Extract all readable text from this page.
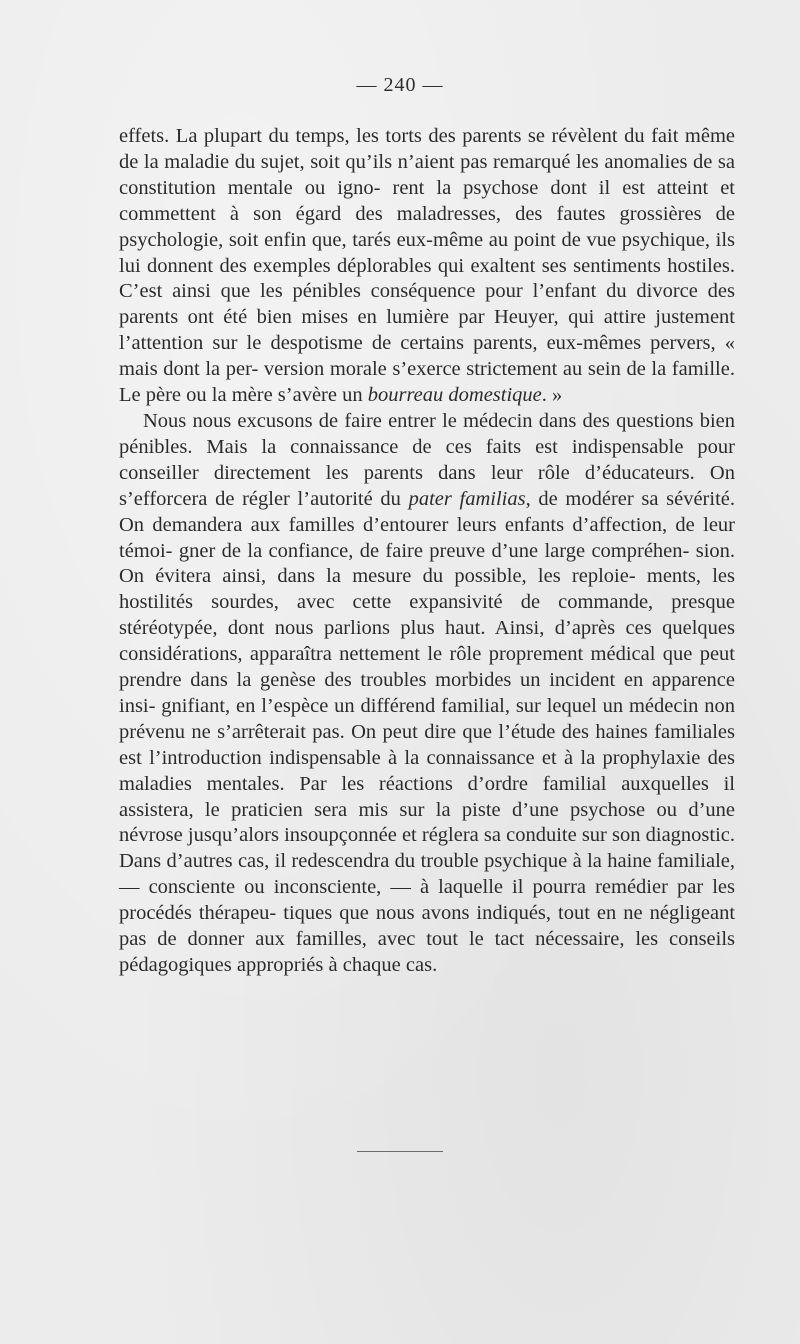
— 240 —

effets. La plupart du temps, les torts des parents se révèlent du fait même de la maladie du sujet, soit qu’ils n’aient pas remarqué les anomalies de sa constitution mentale ou igno- rent la psychose dont il est atteint et commettent à son égard des maladresses, des fautes grossières de psychologie, soit enfin que, tarés eux-même au point de vue psychique, ils lui donnent des exemples déplorables qui exaltent ses sentiments hostiles. C’est ainsi que les pénibles conséquence pour l’enfant du divorce des parents ont été bien mises en lumière par Heuyer, qui attire justement l’attention sur le despotisme de certains parents, eux-mêmes pervers, « mais dont la per- version morale s’exerce strictement au sein de la famille. Le père ou la mère s’avère un bourreau domestique. »

Nous nous excusons de faire entrer le médecin dans des questions bien pénibles. Mais la connaissance de ces faits est indispensable pour conseiller directement les parents dans leur rôle d’éducateurs. On s’efforcera de régler l’autorité du pater familias, de modérer sa sévérité. On demandera aux familles d’entourer leurs enfants d’affection, de leur témoi- gner de la confiance, de faire preuve d’une large compréhen- sion. On évitera ainsi, dans la mesure du possible, les reploie- ments, les hostilités sourdes, avec cette expansivité de commande, presque stéréotypée, dont nous parlions plus haut. Ainsi, d’après ces quelques considérations, apparaîtra nettement le rôle proprement médical que peut prendre dans la genèse des troubles morbides un incident en apparence insi- gnifiant, en l’espèce un différend familial, sur lequel un médecin non prévenu ne s’arrêterait pas. On peut dire que l’étude des haines familiales est l’introduction indispensable à la connaissance et à la prophylaxie des maladies mentales. Par les réactions d’ordre familial auxquelles il assistera, le praticien sera mis sur la piste d’une psychose ou d’une névrose jusqu’alors insoupçonnée et réglera sa conduite sur son diagnostic. Dans d’autres cas, il redescendra du trouble psychique à la haine familiale, — consciente ou inconsciente, — à laquelle il pourra remédier par les procédés thérapeu- tiques que nous avons indiqués, tout en ne négligeant pas de donner aux familles, avec tout le tact nécessaire, les conseils pédagogiques appropriés à chaque cas.
